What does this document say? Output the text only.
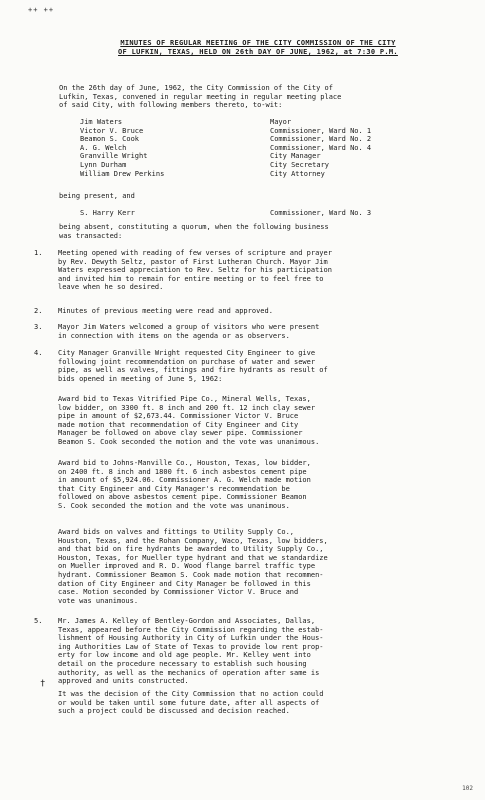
++ ++
MINUTES OF REGULAR MEETING OF THE CITY COMMISSION OF THE CITY
OF LUFKIN, TEXAS, HELD ON 26th DAY OF JUNE, 1962, at 7:30 P.M.
On the 26th day of June, 1962, the City Commission of the City of
Lufkin, Texas, convened in regular meeting in regular meeting place
of said City, with following members thereto, to-wit:
Jim Waters	Mayor
Victor V. Bruce	Commissioner, Ward No. 1
Beamon S. Cook	Commissioner, Ward No. 2
A. G. Welch	Commissioner, Ward No. 4
Granville Wright	City Manager
Lynn Durham	City Secretary
William Drew Perkins	City Attorney
being present, and
S. Harry Kerr	Commissioner, Ward No. 3
being absent, constituting a quorum, when the following business
was transacted:
1.	Meeting opened with reading of few verses of scripture and prayer
by Rev. Dewyth Seltz, pastor of First Lutheran Church. Mayor Jim
Waters expressed appreciation to Rev. Seltz for his participation
and invited him to remain for entire meeting or to feel free to
leave when he so desired.
2.	Minutes of previous meeting were read and approved.
3.	Mayor Jim Waters welcomed a group of visitors who were present
in connection with items on the agenda or as observers.
4.	City Manager Granville Wright requested City Engineer to give
following joint recommendation on purchase of water and sewer
pipe, as well as valves, fittings and fire hydrants as result of
bids opened in meeting of June 5, 1962:
Award bid to Texas Vitrified Pipe Co., Mineral Wells, Texas,
low bidder, on 3300 ft. 8 inch and 200 ft. 12 inch clay sewer
pipe in amount of $2,673.44. Commissioner Victor V. Bruce
made motion that recommendation of City Engineer and City
Manager be followed on above clay sewer pipe. Commissioner
Beamon S. Cook seconded the motion and the vote was unanimous.
Award bid to Johns-Manville Co., Houston, Texas, low bidder,
on 2400 ft. 8 inch and 1800 ft. 6 inch asbestos cement pipe
in amount of $5,924.06. Commissioner A. G. Welch made motion
that City Engineer and City Manager's recommendation be
followed on above asbestos cement pipe. Commissioner Beamon
S. Cook seconded the motion and the vote was unanimous.
Award bids on valves and fittings to Utility Supply Co.,
Houston, Texas, and the Rohan Company, Waco, Texas, low bidders,
and that bid on fire hydrants be awarded to Utility Supply Co.,
Houston, Texas, for Mueller type hydrant and that we standardize
on Mueller improved and R. D. Wood flange barrel traffic type
hydrant. Commissioner Beamon S. Cook made motion that recommen-
dation of City Engineer and City Manager be followed in this
case. Motion seconded by Commissioner Victor V. Bruce and
vote was unanimous.
5.	Mr. James A. Kelley of Bentley-Gordon and Associates, Dallas,
Texas, appeared before the City Commission regarding the estab-
lishment of Housing Authority in City of Lufkin under the Hous-
ing Authorities Law of State of Texas to provide low rent prop-
erty for low income and old age people. Mr. Kelley went into
detail on the procedure necessary to establish such housing
authority, as well as the mechanics of operation after same is
approved and units constructed.
It was the decision of the City Commission that no action could
or would be taken until some future date, after all aspects of
such a project could be discussed and decision reached.
†
102
